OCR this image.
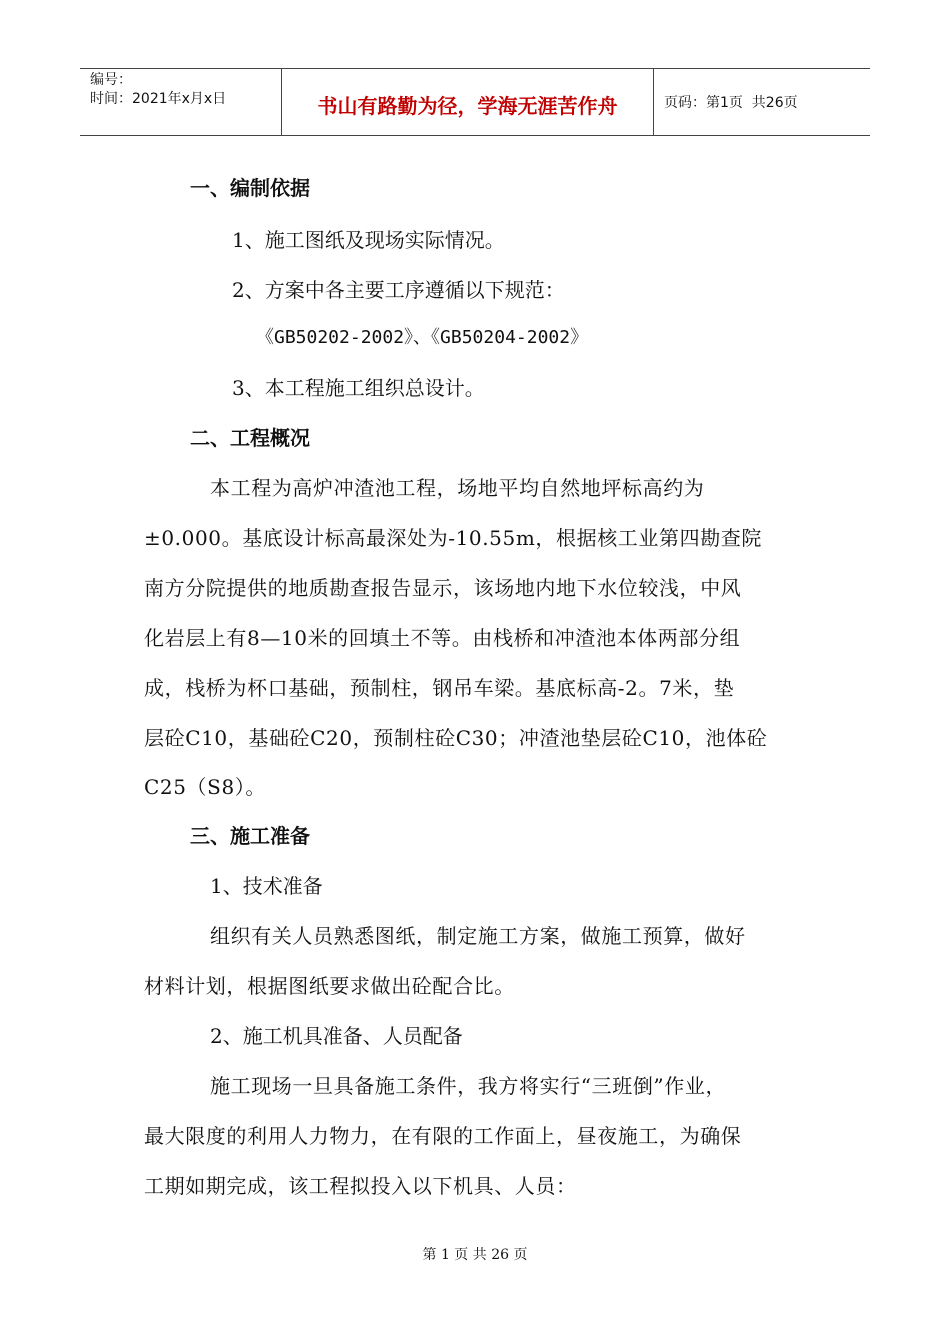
编号：
时间：2021年x月x日	书山有路勤为径，学海无涯苦作舟	页码：第1页  共26页
一、编制依据
1、施工图纸及现场实际情况。
2、方案中各主要工序遵循以下规范：
《GB50202-2002》、《GB50204-2002》
3、本工程施工组织总设计。
二、工程概况
本工程为高炉冲渣池工程，场地平均自然地坪标高约为
±0.000。基底设计标高最深处为-10.55m，根据核工业第四勘查院
南方分院提供的地质勘查报告显示，该场地内地下水位较浅，中风
化岩层上有8—10米的回填土不等。由栈桥和冲渣池本体两部分组
成，栈桥为杯口基础，预制柱，钢吊车梁。基底标高-2。7米，垫
层砼C10，基础砼C20，预制柱砼C30；冲渣池垫层砼C10，池体砼
C25（S8）。
三、施工准备
1、技术准备
组织有关人员熟悉图纸，制定施工方案，做施工预算，做好
材料计划，根据图纸要求做出砼配合比。
2、施工机具准备、人员配备
施工现场一旦具备施工条件，我方将实行“三班倒”作业，
最大限度的利用人力物力，在有限的工作面上，昼夜施工，为确保
工期如期完成，该工程拟投入以下机具、人员：
第 1 页 共 26 页
